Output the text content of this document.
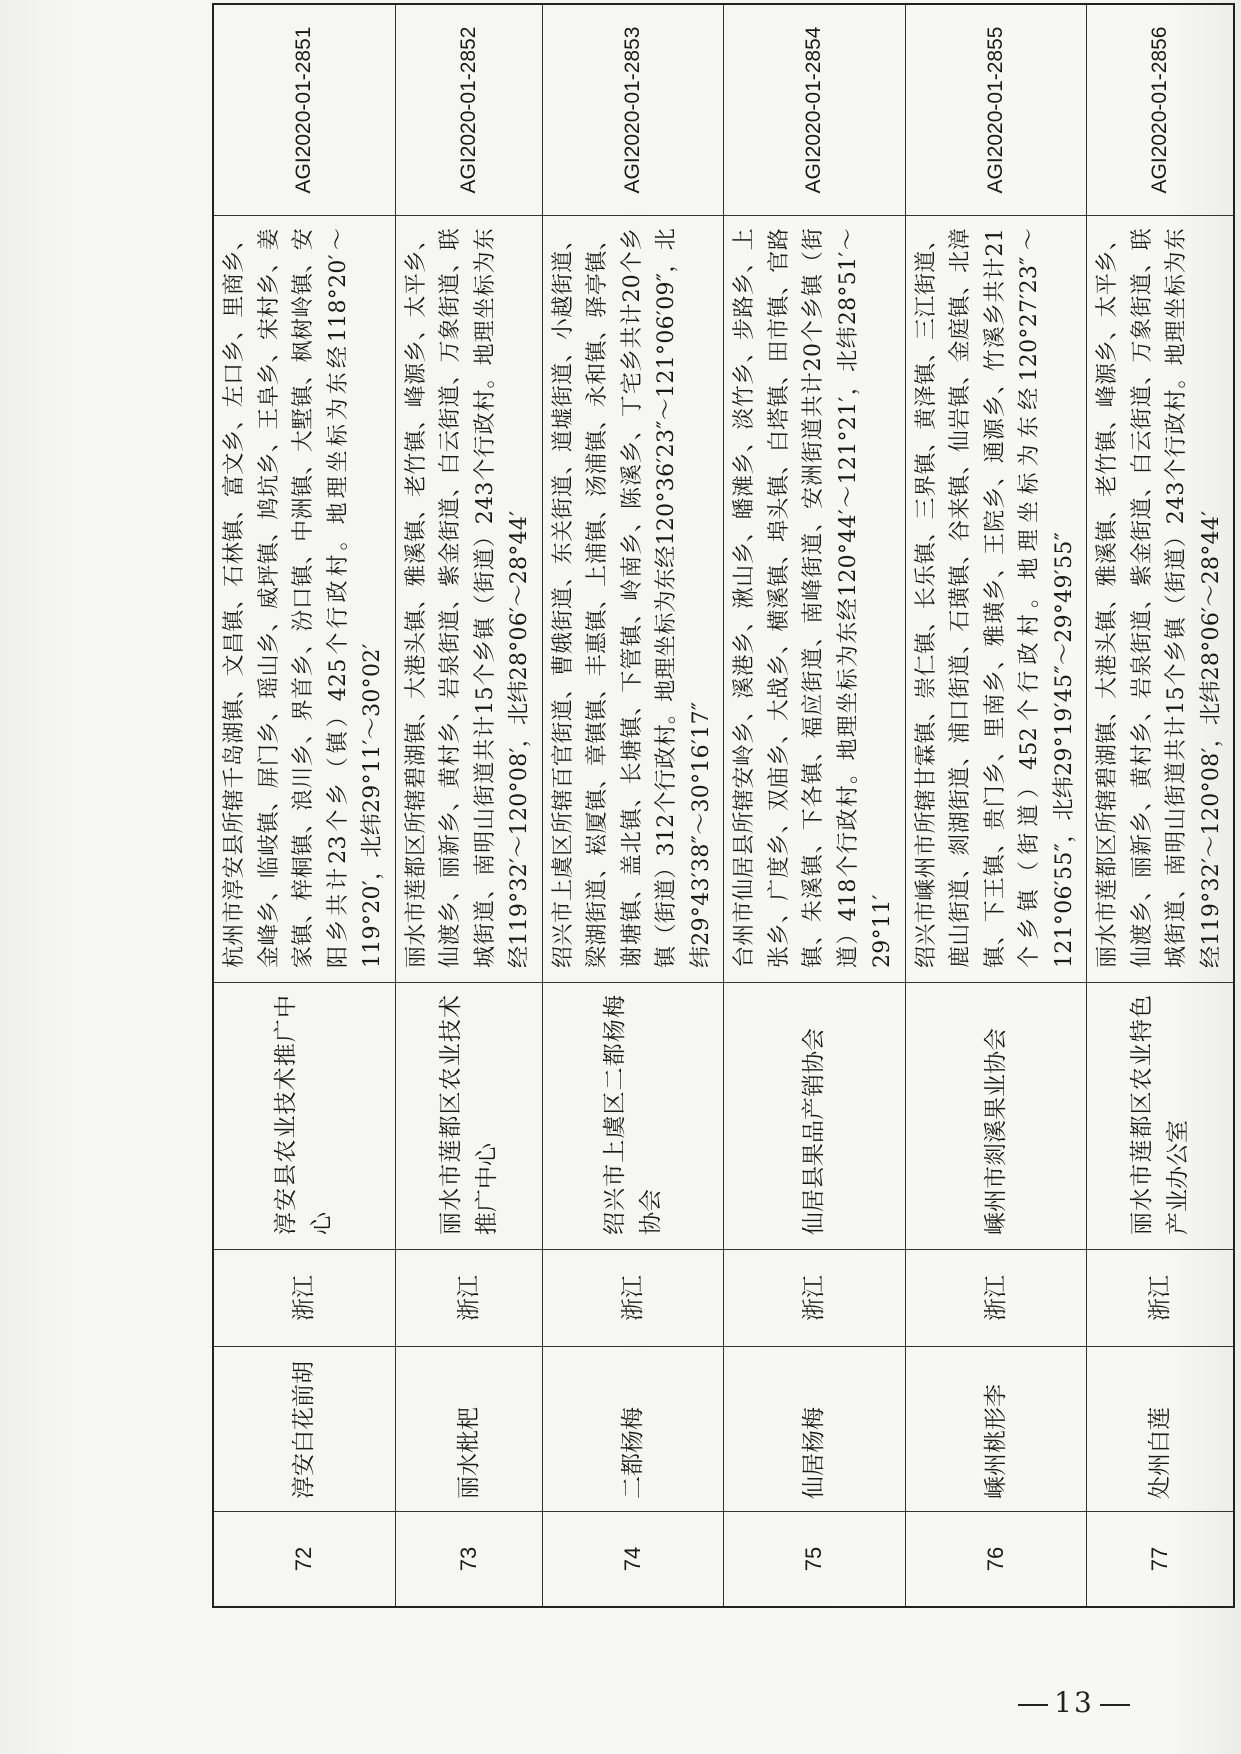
72	淳安白花前胡	浙江	淳安县农业技术推广中心	杭州市淳安县所辖千岛湖镇、文昌镇、石林镇、富文乡、左口乡、里商乡、金峰乡、临岐镇、屏门乡、瑶山乡、威坪镇、鸠坑乡、王阜乡、宋村乡、姜家镇、梓桐镇、浪川乡、界首乡、汾口镇、中洲镇、大墅镇、枫树岭镇、安阳乡共计23个乡（镇）425个行政村。地理坐标为东经118°20′～119°20′，北纬29°11′～30°02′	AGI2020-01-2851
73	丽水枇杷	浙江	丽水市莲都区农业技术推广中心	丽水市莲都区所辖碧湖镇、大港头镇、雅溪镇、老竹镇、峰源乡、太平乡、仙渡乡、丽新乡、黄村乡、岩泉街道、紫金街道、白云街道、万象街道、联城街道、南明山街道共计15个乡镇（街道）243个行政村。地理坐标为东经119°32′～120°08′，北纬28°06′～28°44′	AGI2020-01-2852
74	二都杨梅	浙江	绍兴市上虞区二都杨梅协会	绍兴市上虞区所辖百官街道、曹娥街道、东关街道、道墟街道、小越街道、梁湖街道、崧厦镇、章镇镇、丰惠镇、上浦镇、汤浦镇、永和镇、驿亭镇、谢塘镇、盖北镇、长塘镇、下管镇、岭南乡、陈溪乡、丁宅乡共计20个乡镇（街道）312个行政村。地理坐标为东经120°36′23″～121°06′09″，北纬29°43′38″～30°16′17″	AGI2020-01-2853
75	仙居杨梅	浙江	仙居县果品产销协会	台州市仙居县所辖安岭乡、溪港乡、湫山乡、皤滩乡、淡竹乡、步路乡、上张乡、广度乡、双庙乡、大战乡、横溪镇、埠头镇、白塔镇、田市镇、官路镇、朱溪镇、下各镇、福应街道、南峰街道、安洲街道共计20个乡镇（街道）418个行政村。地理坐标为东经120°44′～121°21′，北纬28°51′～29°11′	AGI2020-01-2854
76	嵊州桃形李	浙江	嵊州市剡溪果业协会	绍兴市嵊州市所辖甘霖镇、崇仁镇、长乐镇、三界镇、黄泽镇、三江街道、鹿山街道、剡湖街道、浦口街道、石璜镇、谷来镇、仙岩镇、金庭镇、北漳镇、下王镇、贵门乡、里南乡、雅璜乡、王院乡、通源乡、竹溪乡共计21个乡镇（街道）452个行政村。地理坐标为东经120°27′23″～121°06′55″，北纬29°19′45″～29°49′55″	AGI2020-01-2855
77	处州白莲	浙江	丽水市莲都区农业特色产业办公室	丽水市莲都区所辖碧湖镇、大港头镇、雅溪镇、老竹镇、峰源乡、太平乡、仙渡乡、丽新乡、黄村乡、岩泉街道、紫金街道、白云街道、万象街道、联城街道、南明山街道共计15个乡镇（街道）243个行政村。地理坐标为东经119°32′～120°08′，北纬28°06′～28°44′	AGI2020-01-2856
13
